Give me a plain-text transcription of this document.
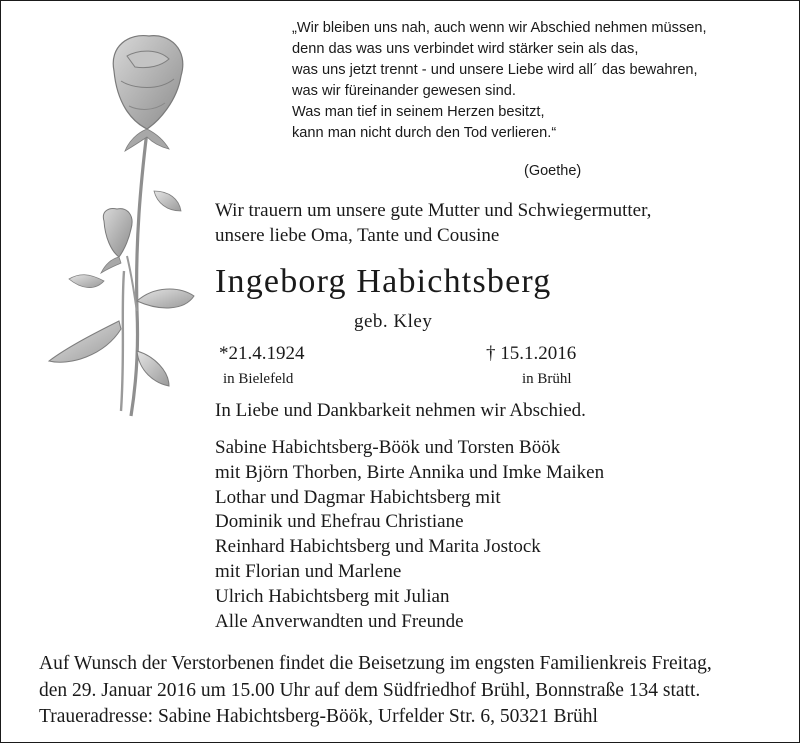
„Wir bleiben uns nah, auch wenn wir Abschied nehmen müssen,
denn das was uns verbindet wird stärker sein als das,
was uns jetzt trennt - und unsere Liebe wird all´ das bewahren,
was wir füreinander gewesen sind.
Was man tief in seinem Herzen besitzt,
kann man nicht durch den Tod verlieren.“
(Goethe)
Wir trauern um unsere gute Mutter und Schwiegermutter,
unsere liebe Oma, Tante und Cousine
Ingeborg Habichtsberg
geb. Kley
*21.4.1924	† 15.1.2016
in Bielefeld	in Brühl
In Liebe und Dankbarkeit nehmen wir Abschied.
Sabine Habichtsberg-Böök und Torsten Böök
mit Björn Thorben, Birte Annika und Imke Maiken
Lothar und Dagmar Habichtsberg mit
Dominik und Ehefrau Christiane
Reinhard Habichtsberg und Marita Jostock
mit Florian und Marlene
Ulrich Habichtsberg mit Julian
Alle Anverwandten und Freunde
Auf Wunsch der Verstorbenen findet die Beisetzung im engsten Familienkreis Freitag,
den 29. Januar 2016 um 15.00 Uhr auf dem Südfriedhof Brühl, Bonnstraße 134 statt.
Traueradresse: Sabine Habichtsberg-Böök, Urfelder Str. 6, 50321 Brühl
